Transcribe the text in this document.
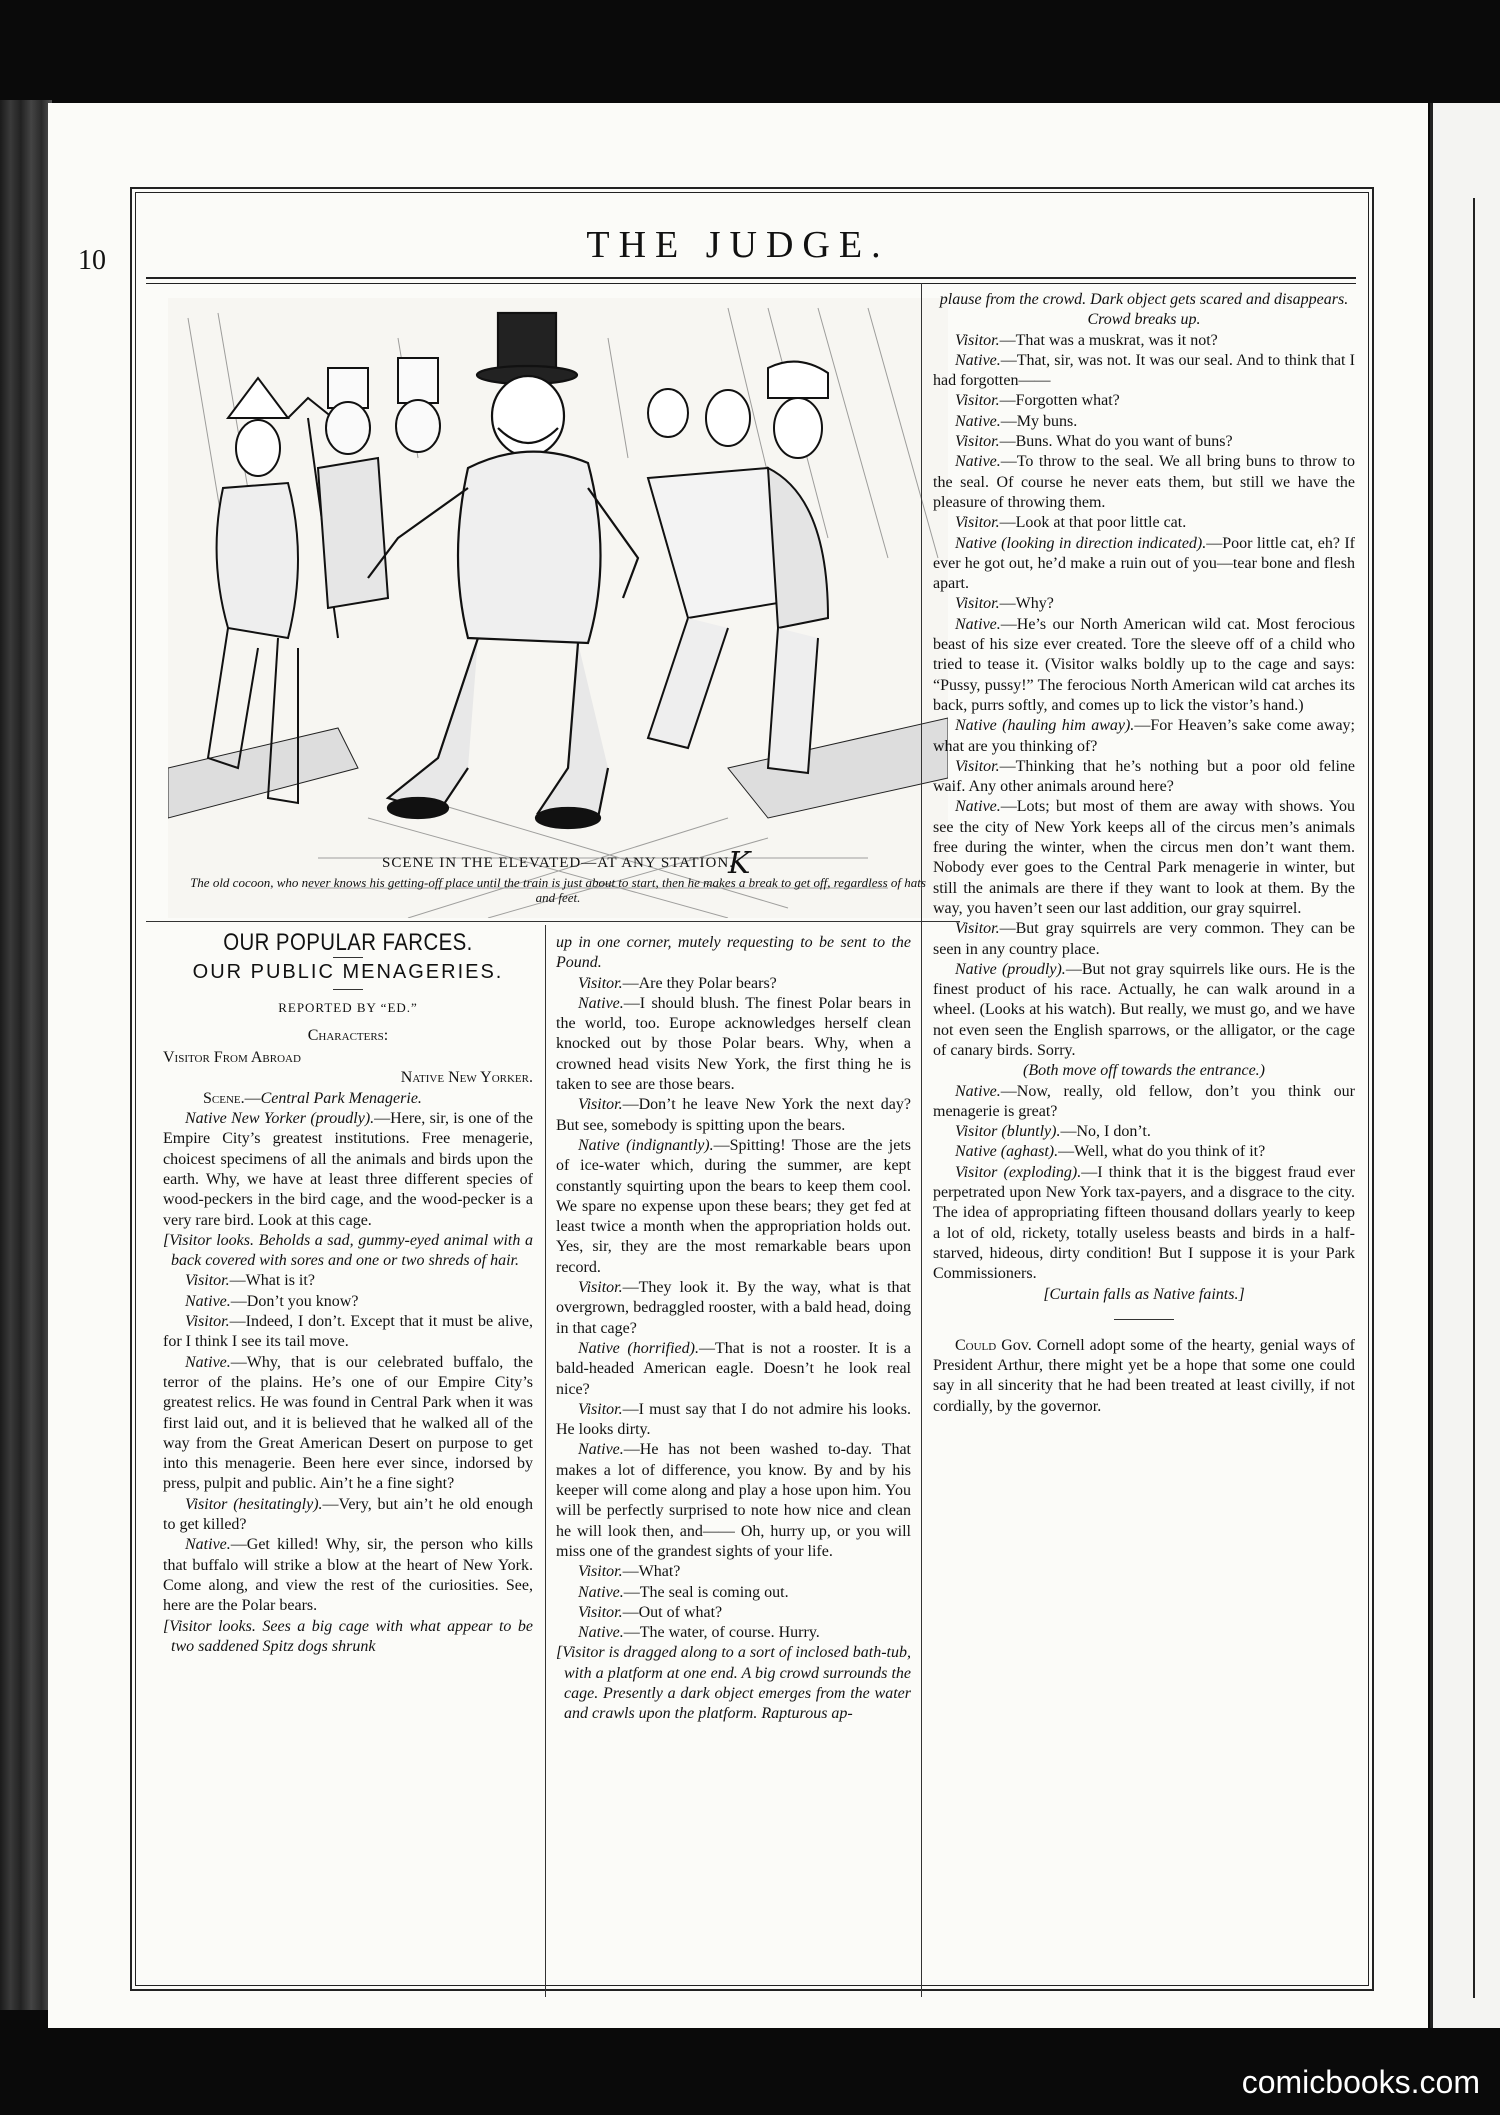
10	THE JUDGE.
K
SCENE IN THE ELEVATED—AT ANY STATION.
The old cocoon, who never knows his getting-off place until the train is just about to start, then he makes a break to get off, regardless of hats and feet.
OUR POPULAR FARCES.
OUR PUBLIC MENAGERIES.
REPORTED BY “ED.”
Characters:

Visitor From Abroad

Native New Yorker.

Scene.—Central Park Menagerie.

Native New Yorker (proudly).—Here, sir, is one of the Empire City’s greatest institutions. Free menagerie, choicest specimens of all the animals and birds upon the earth. Why, we have at least three different species of wood-peckers in the bird cage, and the wood-pecker is a very rare bird. Look at this cage.

[Visitor looks. Beholds a sad, gummy-eyed animal with a back covered with sores and one or two shreds of hair.

Visitor.—What is it?

Native.—Don’t you know?

Visitor.—Indeed, I don’t. Except that it must be alive, for I think I see its tail move.

Native.—Why, that is our celebrated buffalo, the terror of the plains. He’s one of our Empire City’s greatest relics. He was found in Central Park when it was first laid out, and it is believed that he walked all of the way from the Great American Desert on purpose to get into this menagerie. Been here ever since, indorsed by press, pulpit and public. Ain’t he a fine sight?

Visitor (hesitatingly).—Very, but ain’t he old enough to get killed?

Native.—Get killed! Why, sir, the person who kills that buffalo will strike a blow at the heart of New York. Come along, and view the rest of the curiosities. See, here are the Polar bears.

[Visitor looks. Sees a big cage with what appear to be two saddened Spitz dogs shrunk

up in one corner, mutely requesting to be sent to the Pound.

Visitor.—Are they Polar bears?

Native.—I should blush. The finest Polar bears in the world, too. Europe acknowledges herself clean knocked out by those Polar bears. Why, when a crowned head visits New York, the first thing he is taken to see are those bears.

Visitor.—Don’t he leave New York the next day? But see, somebody is spitting upon the bears.

Native (indignantly).—Spitting! Those are the jets of ice-water which, during the summer, are kept constantly squirting upon the bears to keep them cool. We spare no expense upon these bears; they get fed at least twice a month when the appropriation holds out. Yes, sir, they are the most remarkable bears upon record.

Visitor.—They look it. By the way, what is that overgrown, bedraggled rooster, with a bald head, doing in that cage?

Native (horrified).—That is not a rooster. It is a bald-headed American eagle. Doesn’t he look real nice?

Visitor.—I must say that I do not admire his looks. He looks dirty.

Native.—He has not been washed to-day. That makes a lot of difference, you know. By and by his keeper will come along and play a hose upon him. You will be perfectly surprised to note how nice and clean he will look then, and—— Oh, hurry up, or you will miss one of the grandest sights of your life.

Visitor.—What?

Native.—The seal is coming out.

Visitor.—Out of what?

Native.—The water, of course. Hurry.

[Visitor is dragged along to a sort of inclosed bath-tub, with a platform at one end. A big crowd surrounds the cage. Presently a dark object emerges from the water and crawls upon the platform. Rapturous ap-

plause from the crowd. Dark object gets scared and disappears. Crowd breaks up.

Visitor.—That was a muskrat, was it not?

Native.—That, sir, was not. It was our seal. And to think that I had forgotten——

Visitor.—Forgotten what?

Native.—My buns.

Visitor.—Buns. What do you want of buns?

Native.—To throw to the seal. We all bring buns to throw to the seal. Of course he never eats them, but still we have the pleasure of throwing them.

Visitor.—Look at that poor little cat.

Native (looking in direction indicated).—Poor little cat, eh? If ever he got out, he’d make a ruin out of you—tear bone and flesh apart.

Visitor.—Why?

Native.—He’s our North American wild cat. Most ferocious beast of his size ever created. Tore the sleeve off of a child who tried to tease it. (Visitor walks boldly up to the cage and says: “Pussy, pussy!” The ferocious North American wild cat arches its back, purrs softly, and comes up to lick the vistor’s hand.)

Native (hauling him away).—For Heaven’s sake come away; what are you thinking of?

Visitor.—Thinking that he’s nothing but a poor old feline waif. Any other animals around here?

Native.—Lots; but most of them are away with shows. You see the city of New York keeps all of the circus men’s animals free during the winter, when the circus men don’t want them. Nobody ever goes to the Central Park menagerie in winter, but still the animals are there if they want to look at them. By the way, you haven’t seen our last addition, our gray squirrel.

Visitor.—But gray squirrels are very common. They can be seen in any country place.

Native (proudly).—But not gray squirrels like ours. He is the finest product of his race. Actually, he can walk around in a wheel. (Looks at his watch). But really, we must go, and we have not even seen the English sparrows, or the alligator, or the cage of canary birds. Sorry.

(Both move off towards the entrance.)

Native.—Now, really, old fellow, don’t you think our menagerie is great?

Visitor (bluntly).—No, I don’t.

Native (aghast).—Well, what do you think of it?

Visitor (exploding).—I think that it is the biggest fraud ever perpetrated upon New York tax-payers, and a disgrace to the city. The idea of appropriating fifteen thousand dollars yearly to keep a lot of old, rickety, totally useless beasts and birds in a half-starved, hideous, dirty condition! But I suppose it is your Park Commissioners.

[Curtain falls as Native faints.]

Could Gov. Cornell adopt some of the hearty, genial ways of President Arthur, there might yet be a hope that some one could say in all sincerity that he had been treated at least civilly, if not cordially, by the governor.

comicbooks.com
